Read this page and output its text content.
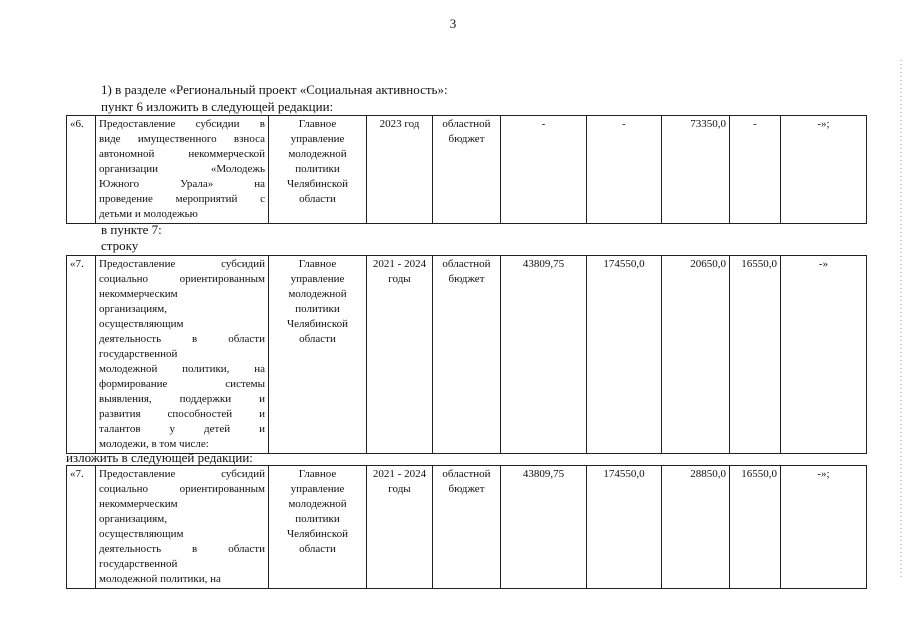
3
1) в разделе «Региональный проект «Социальная активность»:
пункт 6 изложить в следующей редакции:
«6.	Предоставление субсидии в
виде имущественного взноса
автономной некоммерческой
организации «Молодежь
Южного Урала» на
проведение мероприятий с
детьми и молодежью
	Главное управление молодежной политики Челябинской области	2023 год	областной бюджет	-	-	73350,0	-	-»;
в пункте 7:
строку
«7.	Предоставление субсидий
социально ориентированным
некоммерческим
организациям,
осуществляющим
деятельность в области
государственной
молодежной политики, на
формирование системы
выявления, поддержки и
развития способностей и
талантов у детей и
молодежи, в том числе:
	Главное управление молодежной политики Челябинской области	2021 - 2024 годы	областной бюджет	43809,75	174550,0	20650,0	16550,0	-»
изложить в следующей редакции:
«7.	Предоставление субсидий
социально ориентированным
некоммерческим
организациям,
осуществляющим
деятельность в области
государственной
молодежной политики, на
	Главное управление молодежной политики Челябинской области	2021 - 2024 годы	областной бюджет	43809,75	174550,0	28850,0	16550,0	-»;
